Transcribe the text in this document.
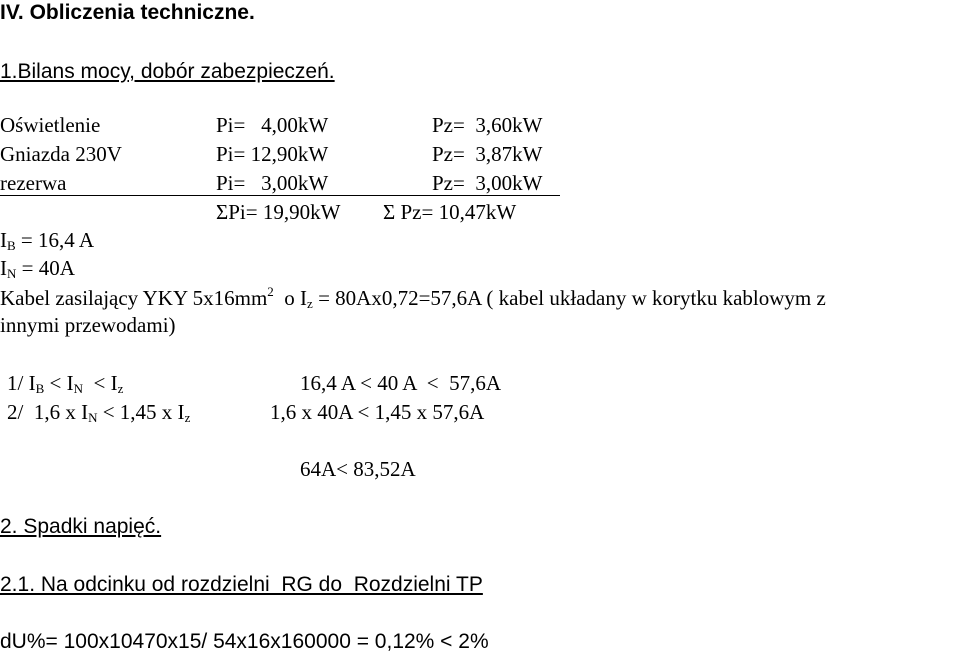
IV. Obliczenia techniczne.
1.Bilans mocy, dobór zabezpieczeń.
Oświetlenie	Pi=   4,00kW	Pz=  3,60kW
Gniazda 230V	Pi= 12,90kW	Pz=  3,87kW
rezerwa	Pi=   3,00kW	Pz=  3,00kW
ΣPi= 19,90kW Σ Pz= 10,47kW
$I_B = 16,4$ A
$I_N = 40A$
Kabel zasilający YKY $5x16mm^2$  o $I_z = 80Ax0,72=57,6A$ ( kabel układany w korytku kablowym z
innymi przewodami)
1/ $I_B < I_N < I_z$	16,4 A < 40 A  <  57,6A
2/  1,6 x $I_N < 1,45$ x $I_z$	1,6 x 40A < 1,45 x 57,6A
64A< 83,52A
2. Spadki napięć.
2.1. Na odcinku od rozdzielni  RG do  Rozdzielni TP
dU%= 100x10470x15/ 54x16x160000 = 0,12% < 2%
